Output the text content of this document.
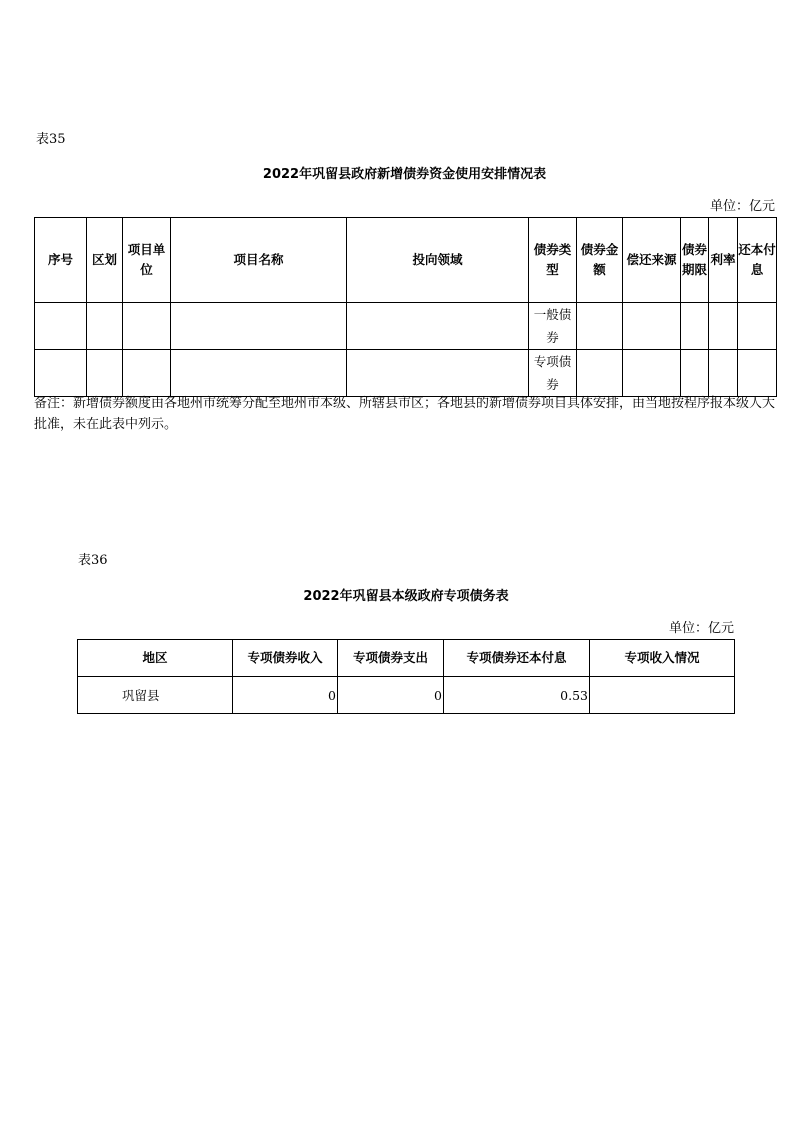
表35
2022年巩留县政府新增债券资金使用安排情况表
单位：亿元
序号	区划	项目单位	项目名称	投向领域	债券类型	债券金额	偿还来源	债券期限	利率	还本付息
					一般债券					
					专项债券					
备注：新增债券额度由各地州市统筹分配至地州市本级、所辖县市区；各地县的新增债券项目具体安排，由当地按程序报本级人大批准，未在此表中列示。
表36
2022年巩留县本级政府专项债务表
单位：亿元
地区	专项债券收入	专项债券支出	专项债券还本付息	专项收入情况
巩留县	0	0	0.53	
